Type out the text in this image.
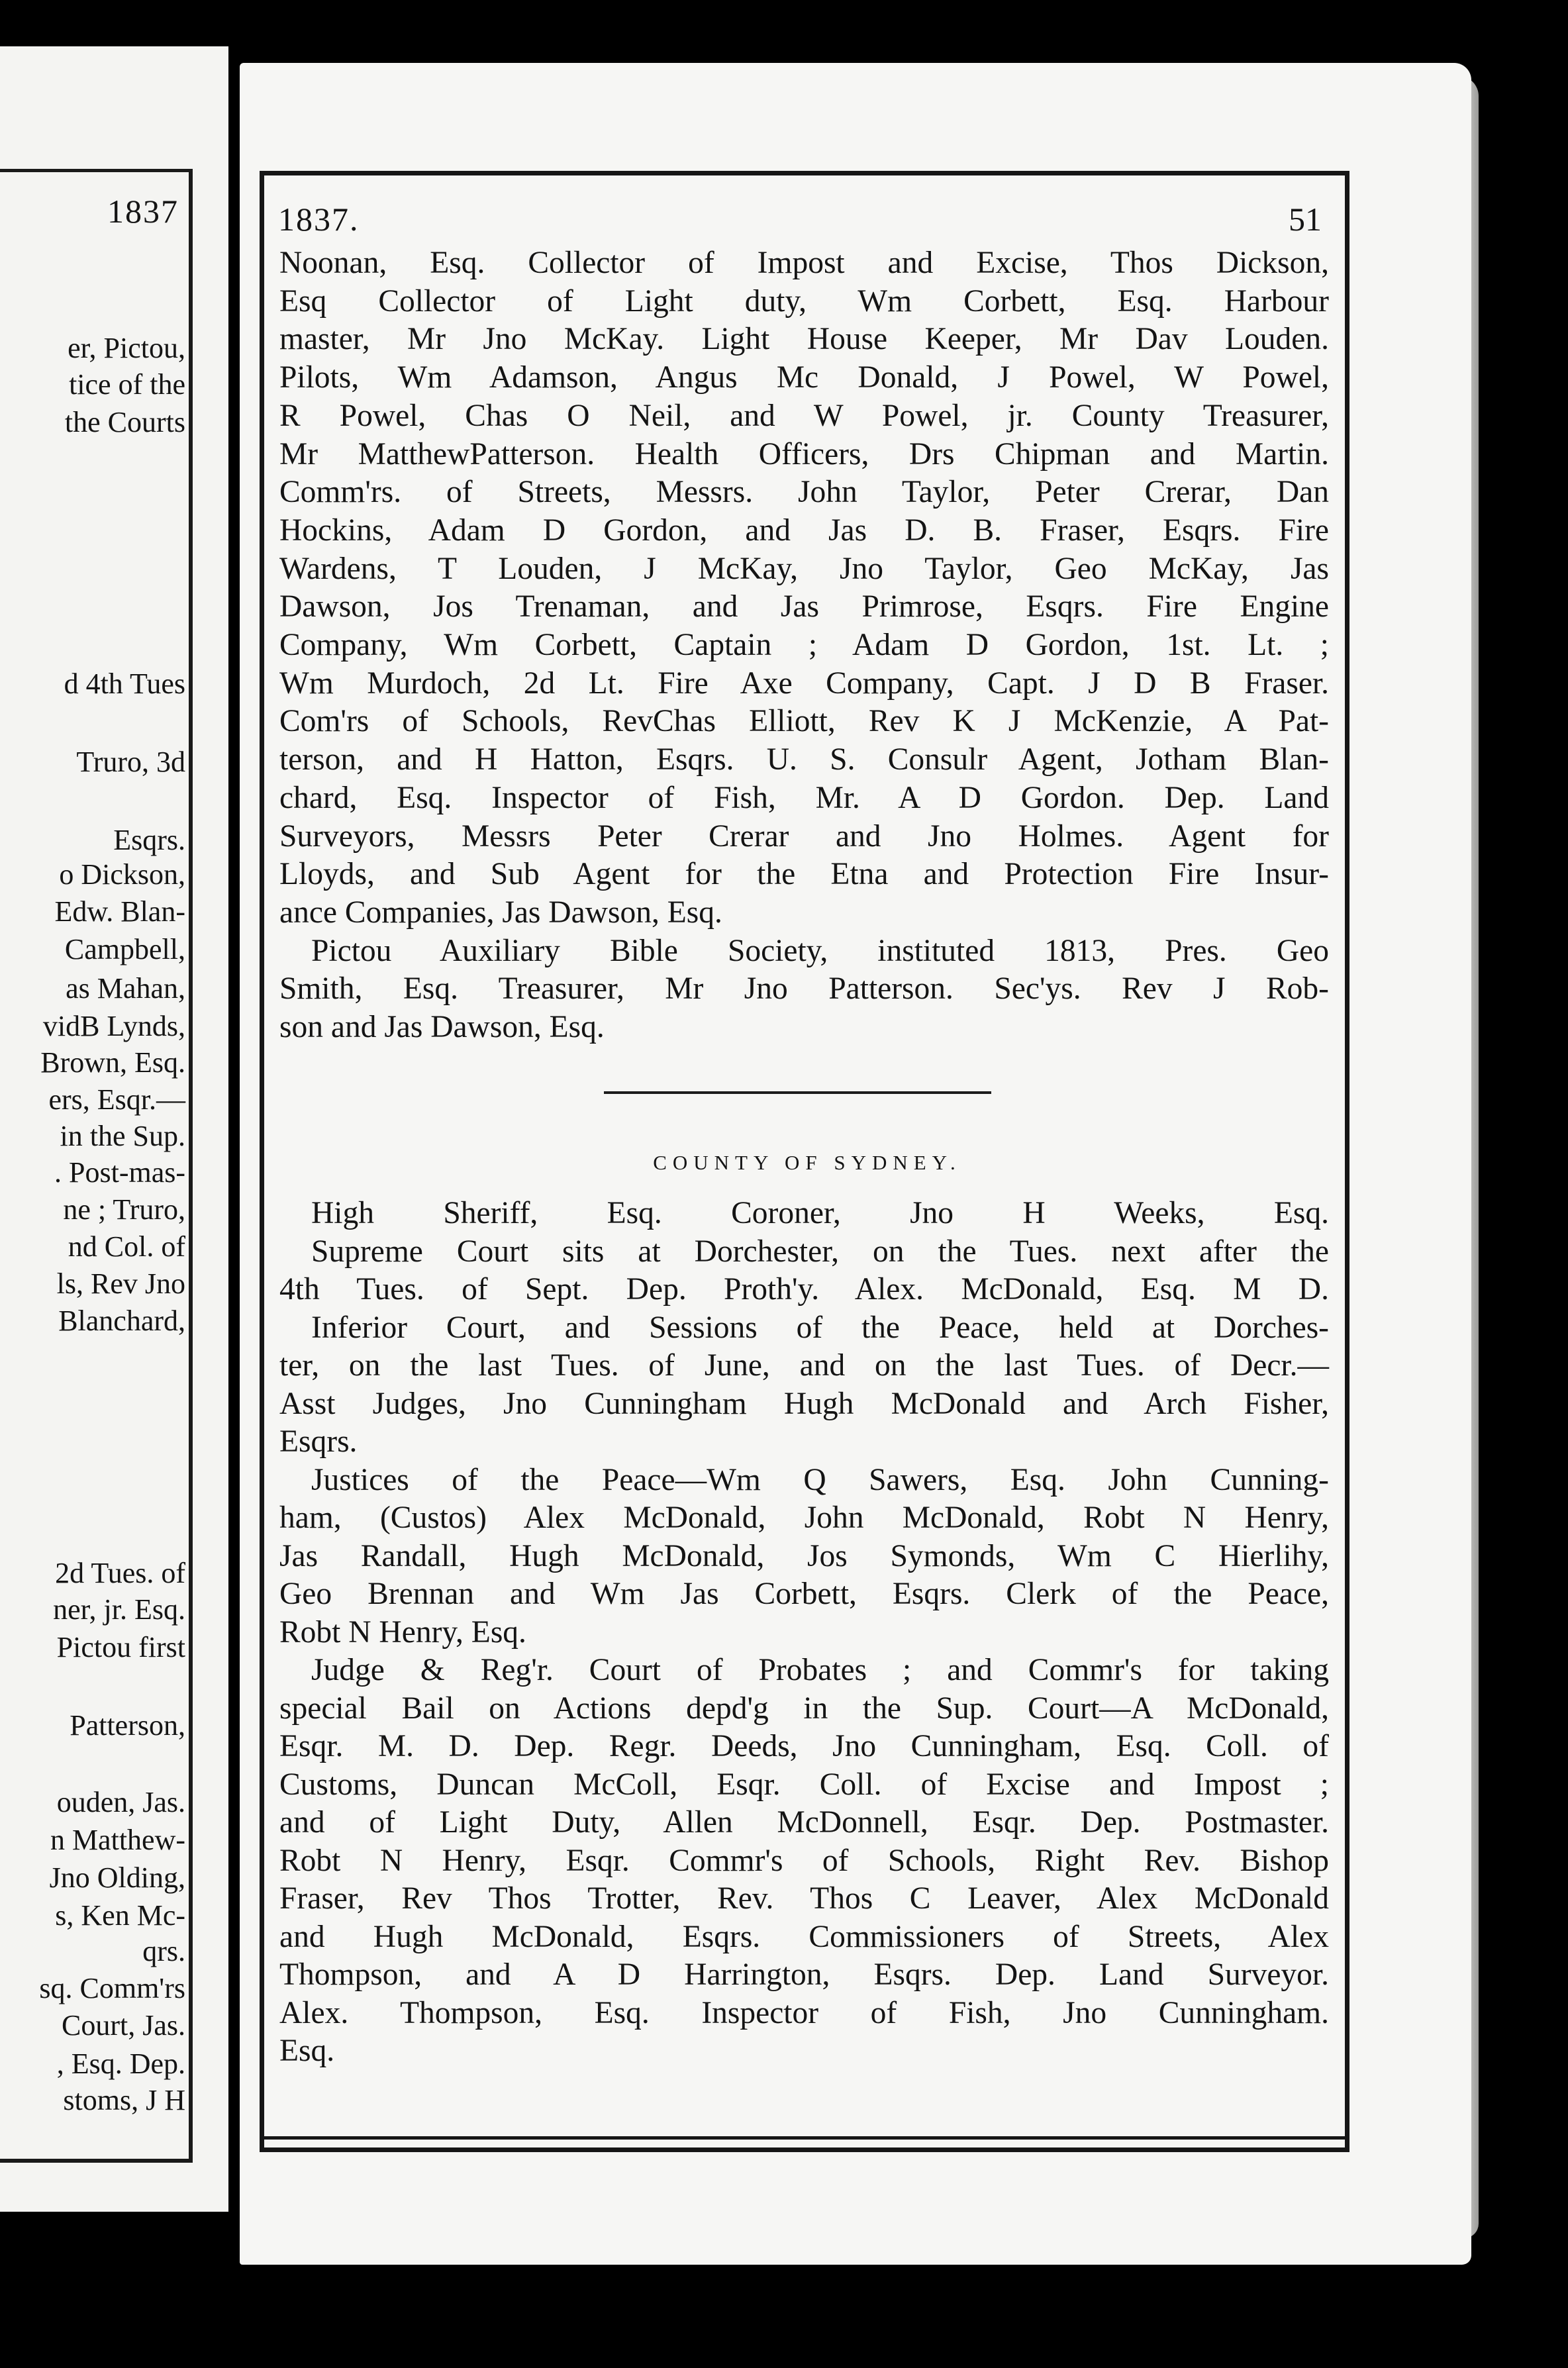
1837
er, Pictou,
tice of the
the Courts
d 4th Tues
Truro, 3d
Esqrs.
o Dickson,
Edw. Blan-
Campbell,
as Mahan,
vidB Lynds,
Brown, Esq.
ers, Esqr.—
in the Sup.
. Post-mas-
ne ; Truro,
nd Col. of
ls, Rev Jno
Blanchard,
2d Tues. of
ner, jr. Esq.
Pictou first
Patterson,
ouden, Jas.
n Matthew-
Jno Olding,
s, Ken Mc-
qrs.
sq. Comm'rs
Court, Jas.
, Esq. Dep.
stoms, J H
1837.	51
Noonan, Esq. Collector of Impost and Excise, Thos Dickson,
Esq Collector of Light duty, Wm Corbett, Esq. Harbour
master, Mr Jno McKay. Light House Keeper, Mr Dav Louden.
Pilots, Wm Adamson, Angus Mc Donald, J Powel, W Powel,
R Powel, Chas O Neil, and W Powel, jr. County Treasurer,
Mr MatthewPatterson. Health Officers, Drs Chipman and Martin.
Comm'rs. of Streets, Messrs. John Taylor, Peter Crerar, Dan
Hockins, Adam D Gordon, and Jas D. B. Fraser, Esqrs. Fire
Wardens, T Louden, J McKay, Jno Taylor, Geo McKay, Jas
Dawson, Jos Trenaman, and Jas Primrose, Esqrs. Fire Engine
Company, Wm Corbett, Captain ; Adam D Gordon, 1st. Lt. ;
Wm Murdoch, 2d Lt. Fire Axe Company, Capt. J D B Fraser.
Com'rs of Schools, RevChas Elliott, Rev K J McKenzie, A Pat-
terson, and H Hatton, Esqrs. U. S. Consulr Agent, Jotham Blan-
chard, Esq. Inspector of Fish, Mr. A D Gordon. Dep. Land
Surveyors, Messrs Peter Crerar and Jno Holmes. Agent for
Lloyds, and Sub Agent for the Etna and Protection Fire Insur-
ance Companies, Jas Dawson, Esq.
Pictou Auxiliary Bible Society, instituted 1813, Pres. Geo
Smith, Esq. Treasurer, Mr Jno Patterson. Sec'ys. Rev J Rob-
son and Jas Dawson, Esq.
COUNTY OF SYDNEY.
High Sheriff, Esq. Coroner, Jno H Weeks, Esq.
Supreme Court sits at Dorchester, on the Tues. next after the
4th Tues. of Sept. Dep. Proth'y. Alex. McDonald, Esq. M D.
Inferior Court, and Sessions of the Peace, held at Dorches-
ter, on the last Tues. of June, and on the last Tues. of Decr.—
Asst Judges, Jno Cunningham Hugh McDonald and Arch Fisher,
Esqrs.
Justices of the Peace—Wm Q Sawers, Esq. John Cunning-
ham, (Custos) Alex McDonald, John McDonald, Robt N Henry,
Jas Randall, Hugh McDonald, Jos Symonds, Wm C Hierlihy,
Geo Brennan and Wm Jas Corbett, Esqrs. Clerk of the Peace,
Robt N Henry, Esq.
Judge & Reg'r. Court of Probates ; and Commr's for taking
special Bail on Actions depd'g in the Sup. Court—A McDonald,
Esqr. M. D. Dep. Regr. Deeds, Jno Cunningham, Esq. Coll. of
Customs, Duncan McColl, Esqr. Coll. of Excise and Impost ;
and of Light Duty, Allen McDonnell, Esqr. Dep. Postmaster.
Robt N Henry, Esqr. Commr's of Schools, Right Rev. Bishop
Fraser, Rev Thos Trotter, Rev. Thos C Leaver, Alex McDonald
and Hugh McDonald, Esqrs. Commissioners of Streets, Alex
Thompson, and A D Harrington, Esqrs. Dep. Land Surveyor.
Alex. Thompson, Esq. Inspector of Fish, Jno Cunningham.
Esq.
